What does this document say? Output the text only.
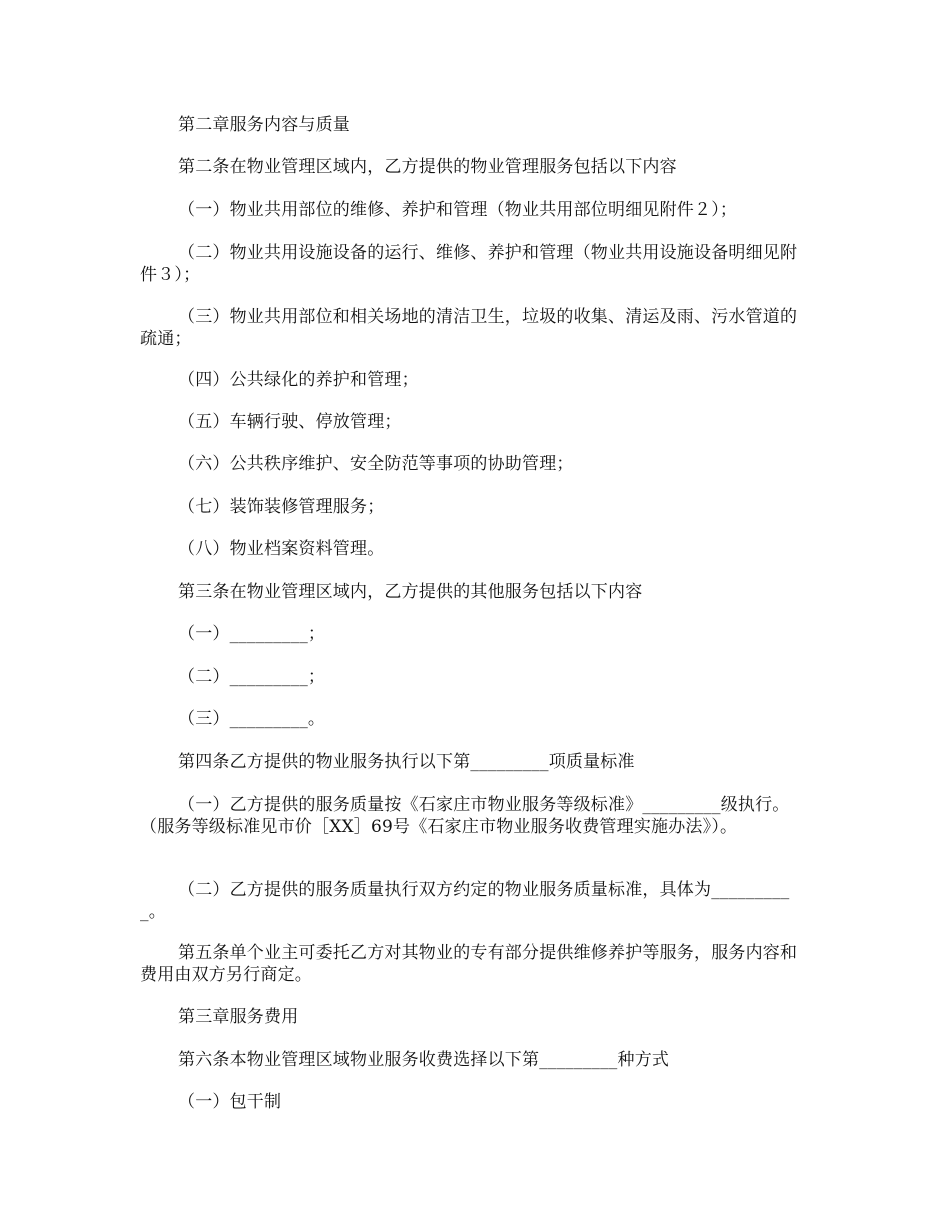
第二章服务内容与质量
第二条在物业管理区域内，乙方提供的物业管理服务包括以下内容
（一）物业共用部位的维修、养护和管理（物业共用部位明细见附件２）；
（二）物业共用设施设备的运行、维修、养护和管理（物业共用设施设备明细见附件３）；
（三）物业共用部位和相关场地的清洁卫生，垃圾的收集、清运及雨、污水管道的疏通；
（四）公共绿化的养护和管理；
（五）车辆行驶、停放管理；
（六）公共秩序维护、安全防范等事项的协助管理；
（七）装饰装修管理服务；
（八）物业档案资料管理。
第三条在物业管理区域内，乙方提供的其他服务包括以下内容
（一）_________；
（二）_________；
（三）_________。
第四条乙方提供的物业服务执行以下第_________项质量标准
（一）乙方提供的服务质量按《石家庄市物业服务等级标准》_________级执行。（服务等级标准见市价［XX］69号《石家庄市物业服务收费管理实施办法》）。
（二）乙方提供的服务质量执行双方约定的物业服务质量标准，具体为__________。
第五条单个业主可委托乙方对其物业的专有部分提供维修养护等服务，服务内容和费用由双方另行商定。
第三章服务费用
第六条本物业管理区域物业服务收费选择以下第_________种方式
（一）包干制
